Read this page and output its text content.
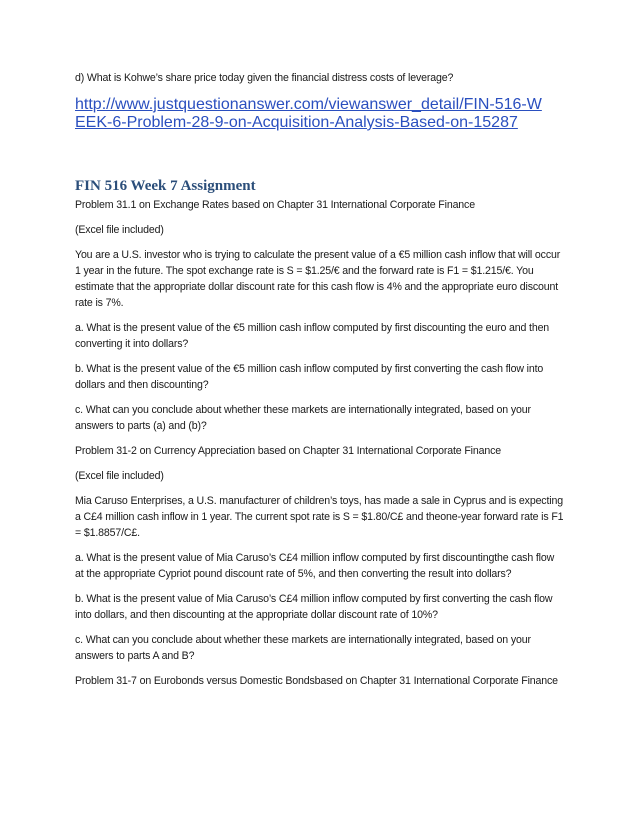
d) What is Kohwe’s share price today given the financial distress costs of leverage?

http://www.justquestionanswer.com/viewanswer_detail/FIN-516-WEEK-6-Problem-28-9-on-Acquisition-Analysis-Based-on-15287
FIN 516 Week 7 Assignment

Problem 31.1 on Exchange Rates based on Chapter 31 International Corporate Finance

(Excel file included)

You are a U.S. investor who is trying to calculate the present value of a €5 million cash inflow that will occur 1 year in the future. The spot exchange rate is S = $1.25/€ and the forward rate is F1 = $1.215/€. You estimate that the appropriate dollar discount rate for this cash flow is 4% and the appropriate euro discount rate is 7%.

a. What is the present value of the €5 million cash inflow computed by first discounting the euro and then converting it into dollars?

b. What is the present value of the €5 million cash inflow computed by first converting the cash flow into dollars and then discounting?

c. What can you conclude about whether these markets are internationally integrated, based on your answers to parts (a) and (b)?

Problem 31-2 on Currency Appreciation based on Chapter 31 International Corporate Finance

(Excel file included)

Mia Caruso Enterprises, a U.S. manufacturer of children’s toys, has made a sale in Cyprus and is expecting a C£4 million cash inflow in 1 year. The current spot rate is S = $1.80/C£ and theone-year forward rate is F1 = $1.8857/C£.

a. What is the present value of Mia Caruso’s C£4 million inflow computed by first discountingthe cash flow at the appropriate Cypriot pound discount rate of 5%, and then converting the result into dollars?

b. What is the present value of Mia Caruso’s C£4 million inflow computed by first converting the cash flow into dollars, and then discounting at the appropriate dollar discount rate of 10%?

c. What can you conclude about whether these markets are internationally integrated, based on your answers to parts A and B?

Problem 31-7 on Eurobonds versus Domestic Bondsbased on Chapter 31 International Corporate Finance
